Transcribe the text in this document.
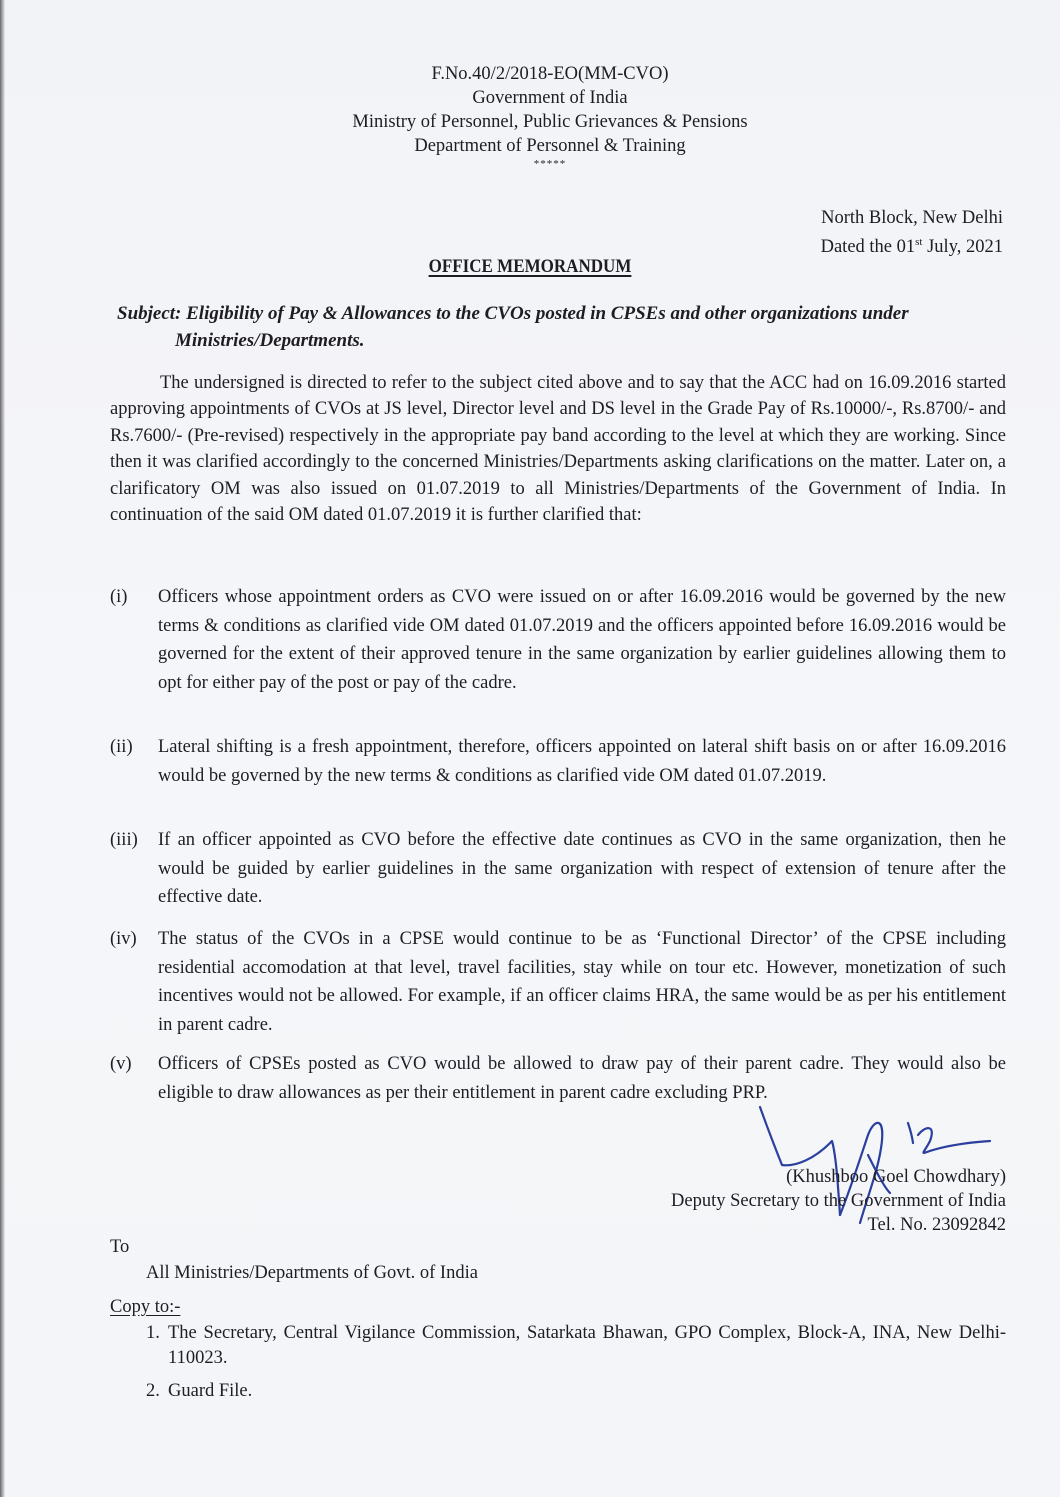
F.No.40/2/2018-EO(MM-CVO)
Government of India
Ministry of Personnel, Public Grievances & Pensions
Department of Personnel & Training
*****
North Block, New Delhi
Dated the 01st July, 2021
OFFICE MEMORANDUM
Subject: Eligibility of Pay & Allowances to the CVOs posted in CPSEs and other organizations under
Ministries/Departments.
The undersigned is directed to refer to the subject cited above and to say that the ACC had on 16.09.2016 started approving appointments of CVOs at JS level, Director level and DS level in the Grade Pay of Rs.10000/-, Rs.8700/- and Rs.7600/- (Pre-revised) respectively in the appropriate pay band according to the level at which they are working. Since then it was clarified accordingly to the concerned Ministries/Departments asking clarifications on the matter. Later on, a clarificatory OM was also issued on 01.07.2019 to all Ministries/Departments of the Government of India. In continuation of the said OM dated 01.07.2019 it is further clarified that:
(i)	Officers whose appointment orders as CVO were issued on or after 16.09.2016 would be governed by the new terms & conditions as clarified vide OM dated 01.07.2019 and the officers appointed before 16.09.2016 would be governed for the extent of their approved tenure in the same organization by earlier guidelines allowing them to opt for either pay of the post or pay of the cadre.
(ii)	Lateral shifting is a fresh appointment, therefore, officers appointed on lateral shift basis on or after 16.09.2016 would be governed by the new terms & conditions as clarified vide OM dated 01.07.2019.
(iii)	If an officer appointed as CVO before the effective date continues as CVO in the same organization, then he would be guided by earlier guidelines in the same organization with respect of extension of tenure after the effective date.
(iv)	The status of the CVOs in a CPSE would continue to be as ‘Functional Director’ of the CPSE including residential accomodation at that level, travel facilities, stay while on tour etc. However, monetization of such incentives would not be allowed. For example, if an officer claims HRA, the same would be as per his entitlement in parent cadre.
(v)	Officers of CPSEs posted as CVO would be allowed to draw pay of their parent cadre. They would also be eligible to draw allowances as per their entitlement in parent cadre excluding PRP.
(Khushboo Goel Chowdhary)
Deputy Secretary to the Government of India
Tel. No. 23092842
To
All Ministries/Departments of Govt. of India
Copy to:-
1. The Secretary, Central Vigilance Commission, Satarkata Bhawan, GPO Complex, Block-A, INA, New Delhi-110023.
2. Guard File.
